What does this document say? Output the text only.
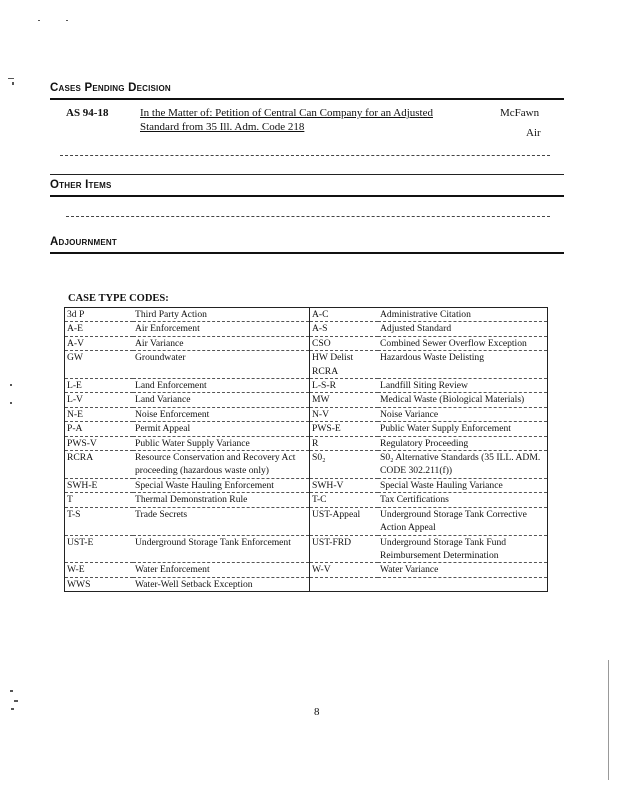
Cases Pending Decision
AS 94-18	In the Matter of: Petition of Central Can Company for an Adjusted
Standard from 35 Ill. Adm. Code 218
McFawn
Air
Other Items
Adjournment
CASE TYPE CODES:
3d P	Third Party Action	A-C	Administrative Citation
A-E	Air Enforcement	A-S	Adjusted Standard
A-V	Air Variance	CSO	Combined Sewer Overflow Exception
GW	Groundwater	HW Delist RCRA	Hazardous Waste Delisting
L-E	Land Enforcement	L-S-R	Landfill Siting Review
L-V	Land Variance	MW	Medical Waste (Biological Materials)
N-E	Noise Enforcement	N-V	Noise Variance
P-A	Permit Appeal	PWS-E	Public Water Supply Enforcement
PWS-V	Public Water Supply Variance	R	Regulatory Proceeding
RCRA	Resource Conservation and Recovery Act proceeding (hazardous waste only)	S0₂	S0₂ Alternative Standards (35 ILL. ADM. CODE 302.211(f))
SWH-E	Special Waste Hauling Enforcement	SWH-V	Special Waste Hauling Variance
T	Thermal Demonstration Rule	T-C	Tax Certifications
T-S	Trade Secrets	UST-Appeal	Underground Storage Tank Corrective Action Appeal
UST-E	Underground Storage Tank Enforcement	UST-FRD	Underground Storage Tank Fund Reimbursement Determination
W-E	Water Enforcement	W-V	Water Variance
WWS	Water-Well Setback Exception		
8
